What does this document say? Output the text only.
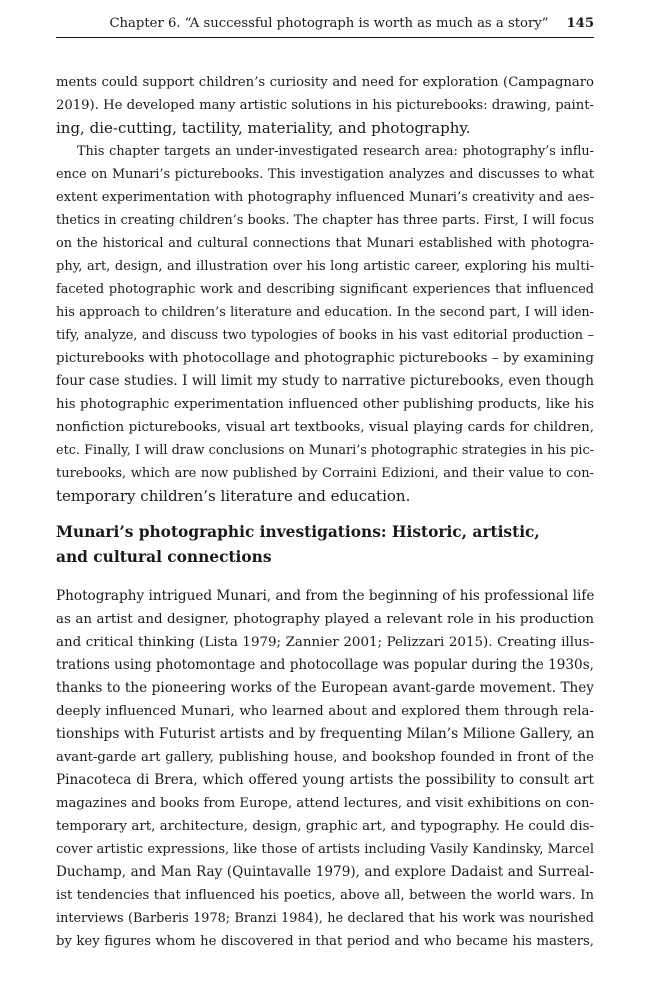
Chapter 6. “A successful photograph is worth as much as a story” 145
ments could support children’s curiosity and need for exploration (Campagnaro
2019). He developed many artistic solutions in his picturebooks: drawing, paint-
ing, die-cutting, tactility, materiality, and photography.
This chapter targets an under-investigated research area: photography’s influ-
ence on Munari’s picturebooks. This investigation analyzes and discusses to what
extent experimentation with photography influenced Munari’s creativity and aes-
thetics in creating children’s books. The chapter has three parts. First, I will focus
on the historical and cultural connections that Munari established with photogra-
phy, art, design, and illustration over his long artistic career, exploring his multi-
faceted photographic work and describing significant experiences that influenced
his approach to children’s literature and education. In the second part, I will iden-
tify, analyze, and discuss two typologies of books in his vast editorial production –
picturebooks with photocollage and photographic picturebooks – by examining
four case studies. I will limit my study to narrative picturebooks, even though
his photographic experimentation influenced other publishing products, like his
nonfiction picturebooks, visual art textbooks, visual playing cards for children,
etc. Finally, I will draw conclusions on Munari’s photographic strategies in his pic-
turebooks, which are now published by Corraini Edizioni, and their value to con-
temporary children’s literature and education.
Munari’s photographic investigations: Historic, artistic,
and cultural connections
Photography intrigued Munari, and from the beginning of his professional life
as an artist and designer, photography played a relevant role in his production
and critical thinking (Lista 1979; Zannier 2001; Pelizzari 2015). Creating illus-
trations using photomontage and photocollage was popular during the 1930s,
thanks to the pioneering works of the European avant-garde movement. They
deeply influenced Munari, who learned about and explored them through rela-
tionships with Futurist artists and by frequenting Milan’s Milione Gallery, an
avant-garde art gallery, publishing house, and bookshop founded in front of the
Pinacoteca di Brera, which offered young artists the possibility to consult art
magazines and books from Europe, attend lectures, and visit exhibitions on con-
temporary art, architecture, design, graphic art, and typography. He could dis-
cover artistic expressions, like those of artists including Vasily Kandinsky, Marcel
Duchamp, and Man Ray (Quintavalle 1979), and explore Dadaist and Surreal-
ist tendencies that influenced his poetics, above all, between the world wars. In
interviews (Barberis 1978; Branzi 1984), he declared that his work was nourished
by key figures whom he discovered in that period and who became his masters,
